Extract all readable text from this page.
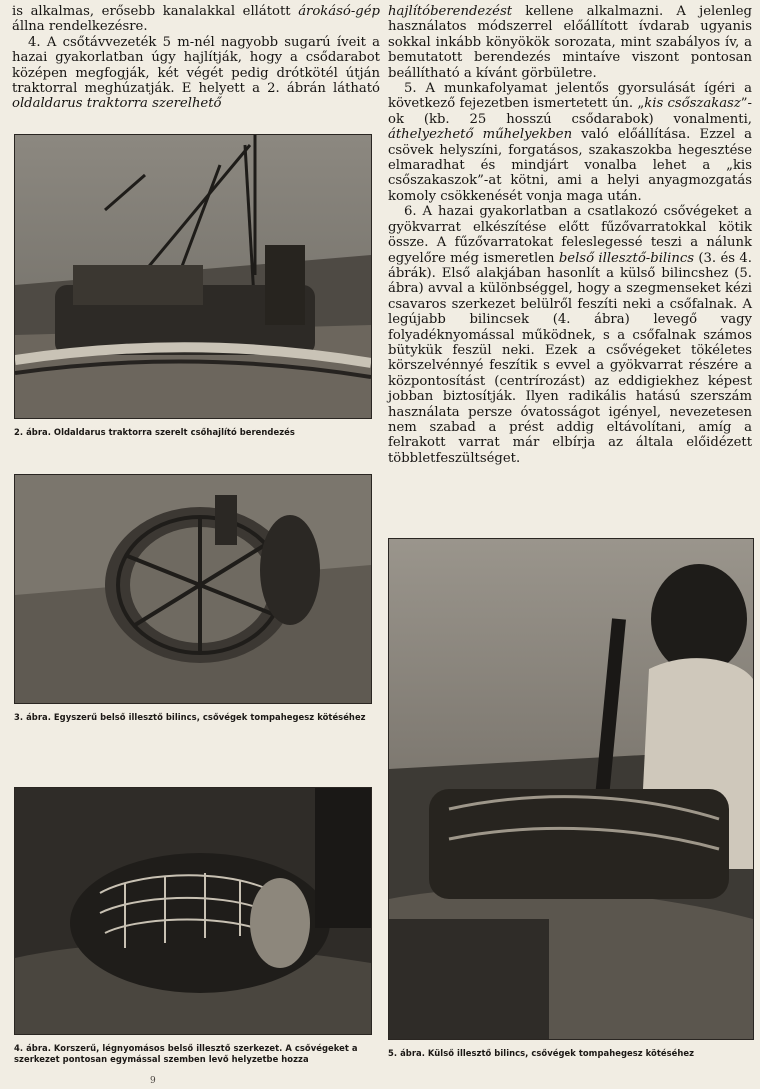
is alkalmas, erősebb kanalakkal ellátott árokásó-gép állna rendelkezésre.

4. A csőtávvezeték 5 m-nél nagyobb sugarú íveit a hazai gyakorlatban úgy hajlítják, hogy a csődarabot középen megfogják, két végét pedig drótkötél útján traktorral meghúzatják. E helyett a 2. ábrán látható oldaldarus traktorra szerelhető

hajlítóberendezést kellene alkalmazni. A jelenleg használatos módszerrel előállított ívdarab ugyanis sokkal inkább könyökök sorozata, mint szabályos ív, a bemutatott berendezés mintaíve viszont pontosan beállítható a kívánt görbületre.

5. A munkafolyamat jelentős gyorsulását ígéri a következő fejezetben ismertetett ún. „kis csőszakasz”-ok (kb. 25 hosszú csődarabok) vonalmenti, áthelyezhető műhelyekben való előállítása. Ezzel a csövek helyszíni, forgatásos, szakaszokba hegesztése elmaradhat és mindjárt vonalba lehet a „kis csőszakaszok”-at kötni, ami a helyi anyagmozgatás komoly csökkenését vonja maga után.

6. A hazai gyakorlatban a csatlakozó csővégeket a gyökvarrat elkészítése előtt fűzővarratokkal kötik össze. A fűzővarratokat feleslegessé teszi a nálunk egyelőre még ismeretlen belső illesztő-bilincs (3. és 4. ábrák). Első alakjában hasonlít a külső bilincshez (5. ábra) avval a különbséggel, hogy a szegmenseket kézi csavaros szerkezet belülről feszíti neki a csőfalnak. A legújabb bilincsek (4. ábra) levegő vagy folyadéknyomással működnek, s a csőfalnak számos bütykük feszül neki. Ezek a csővégeket tökéletes körszelvénnyé feszítik s evvel a gyökvarrat részére a központosítást (centrírozást) az eddigiekhez képest jobban biztosítják. Ilyen radikális hatású szerszám használata persze óvatosságot igényel, nevezetesen nem szabad a prést addig eltávolítani, amíg a felrakott varrat már elbírja az általa előidézett többletfeszültséget.

2. ábra. Oldaldarus traktorra szerelt csőhajlító berendezés
3. ábra. Egyszerű belső illesztő bilincs, csővégek tompahegesz kötéséhez
4. ábra. Korszerű, légnyomásos belső illesztő szerkezet. A csővégeket a szerkezet pontosan egymással szemben levő helyzetbe hozza
5. ábra. Külső illesztő bilincs, csővégek tompahegesz kötéséhez
9
